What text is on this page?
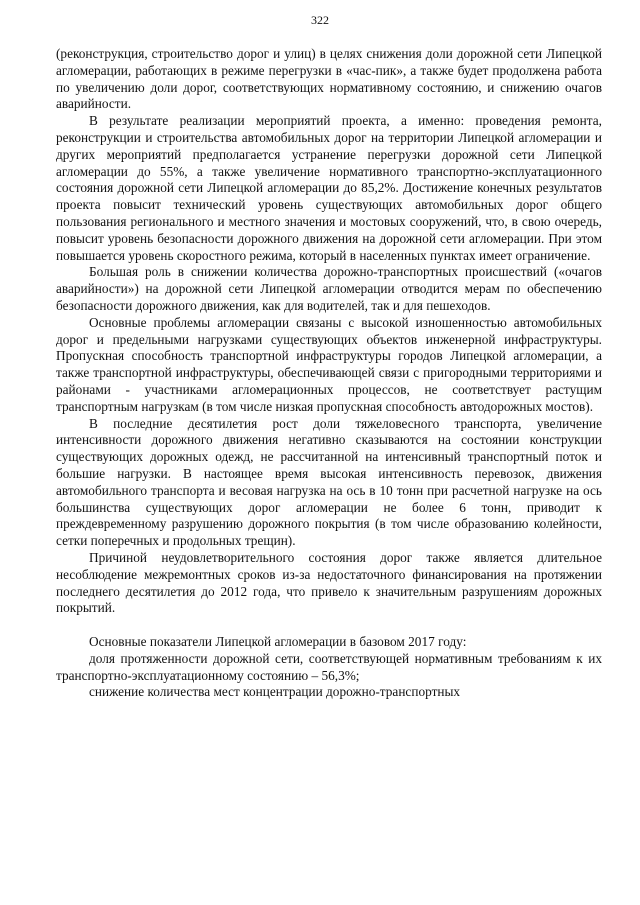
322

(реконструкция, строительство дорог и улиц) в целях снижения доли дорожной сети Липецкой агломерации, работающих в режиме перегрузки в «час-пик», а также будет продолжена работа по увеличению доли дорог, соответствующих нормативному состоянию, и снижению очагов аварийности.

В результате реализации мероприятий проекта, а именно: проведения ремонта, реконструкции и строительства автомобильных дорог на территории Липецкой агломерации и других мероприятий предполагается устранение перегрузки дорожной сети Липецкой агломерации до 55%, а также увеличение нормативного транспортно-эксплуатационного состояния дорожной сети Липецкой агломерации до 85,2%. Достижение конечных результатов проекта повысит технический уровень существующих автомобильных дорог общего пользования регионального и местного значения и мостовых сооружений, что, в свою очередь, повысит уровень безопасности дорожного движения на дорожной сети агломерации. При этом повышается уровень скоростного режима, который в населенных пунктах имеет ограничение.

Большая роль в снижении количества дорожно-транспортных происшествий («очагов аварийности») на дорожной сети Липецкой агломерации отводится мерам по обеспечению безопасности дорожного движения, как для водителей, так и для пешеходов.

Основные проблемы агломерации связаны с высокой изношенностью автомобильных дорог и предельными нагрузками существующих объектов инженерной инфраструктуры. Пропускная способность транспортной инфраструктуры городов Липецкой агломерации, а также транспортной инфраструктуры, обеспечивающей связи с пригородными территориями и районами - участниками агломерационных процессов, не соответствует растущим транспортным нагрузкам (в том числе низкая пропускная способность автодорожных мостов).

В последние десятилетия рост доли тяжеловесного транспорта, увеличение интенсивности дорожного движения негативно сказываются на состоянии конструкции существующих дорожных одежд, не рассчитанной на интенсивный транспортный поток и большие нагрузки. В настоящее время высокая интенсивность перевозок, движения автомобильного транспорта и весовая нагрузка на ось в 10 тонн при расчетной нагрузке на ось большинства существующих дорог агломерации не более 6 тонн, приводит к преждевременному разрушению дорожного покрытия (в том числе образованию колейности, сетки поперечных и продольных трещин).

Причиной неудовлетворительного состояния дорог также является длительное несоблюдение межремонтных сроков из-за недостаточного финансирования на протяжении последнего десятилетия до 2012 года, что привело к значительным разрушениям дорожных покрытий.

Основные показатели Липецкой агломерации в базовом 2017 году:

доля протяженности дорожной сети, соответствующей нормативным требованиям к их транспортно-эксплуатационному состоянию – 56,3%;

снижение количества мест концентрации дорожно-транспортных
